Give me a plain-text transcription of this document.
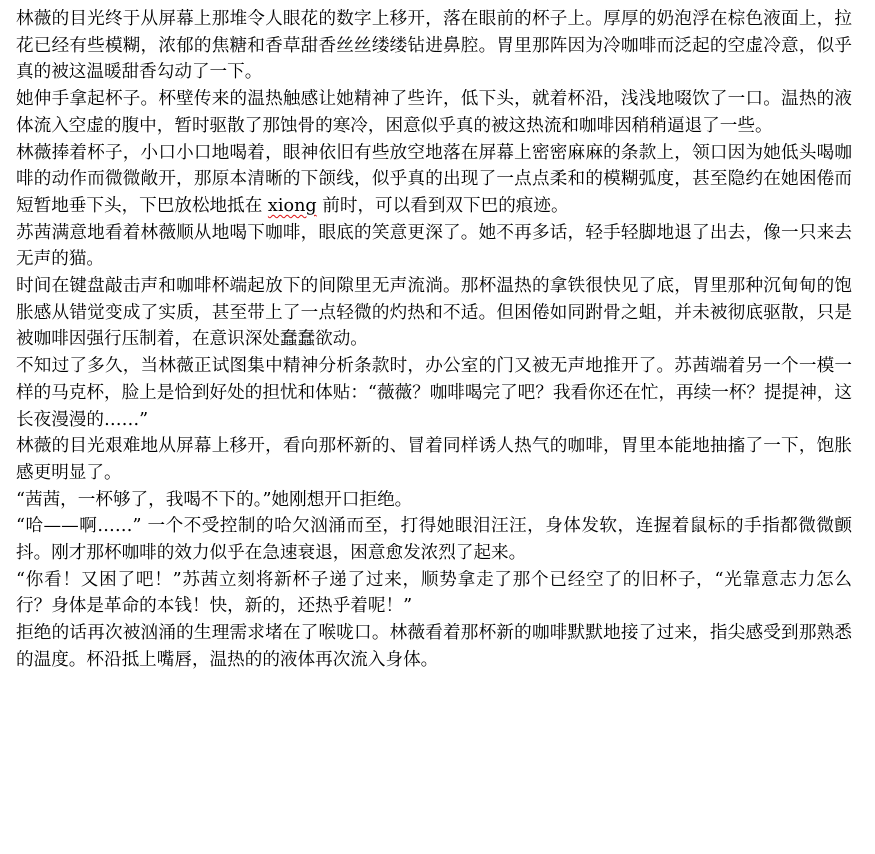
林薇的目光终于从屏幕上那堆令人眼花的数字上移开，落在眼前的杯子上。厚厚的奶泡浮在棕色液面上，拉花已经有些模糊，浓郁的焦糖和香草甜香丝丝缕缕钻进鼻腔。胃里那阵因为冷咖啡而泛起的空虚冷意，似乎真的被这温暖甜香勾动了一下。

她伸手拿起杯子。杯壁传来的温热触感让她精神了些许，低下头，就着杯沿，浅浅地啜饮了一口。温热的液体流入空虚的腹中，暂时驱散了那蚀骨的寒冷，困意似乎真的被这热流和咖啡因稍稍逼退了一些。

林薇捧着杯子，小口小口地喝着，眼神依旧有些放空地落在屏幕上密密麻麻的条款上，领口因为她低头喝咖啡的动作而微微敞开，那原本清晰的下颌线，似乎真的出现了一点点柔和的模糊弧度，甚至隐约在她困倦而短暂地垂下头，下巴放松地抵在 xiong 前时，可以看到双下巴的痕迹。

苏茜满意地看着林薇顺从地喝下咖啡，眼底的笑意更深了。她不再多话，轻手轻脚地退了出去，像一只来去无声的猫。

时间在键盘敲击声和咖啡杯端起放下的间隙里无声流淌。那杯温热的拿铁很快见了底，胃里那种沉甸甸的饱胀感从错觉变成了实质，甚至带上了一点轻微的灼热和不适。但困倦如同跗骨之蛆，并未被彻底驱散，只是被咖啡因强行压制着，在意识深处蠢蠢欲动。

不知过了多久，当林薇正试图集中精神分析条款时，办公室的门又被无声地推开了。苏茜端着另一个一模一样的马克杯，脸上是恰到好处的担忧和体贴：“薇薇？咖啡喝完了吧？我看你还在忙，再续一杯？提提神，这长夜漫漫的……”

林薇的目光艰难地从屏幕上移开，看向那杯新的、冒着同样诱人热气的咖啡，胃里本能地抽搐了一下，饱胀感更明显了。

“茜茜，一杯够了，我喝不下的。”她刚想开口拒绝。

“哈——啊……” 一个不受控制的哈欠汹涌而至，打得她眼泪汪汪，身体发软，连握着鼠标的手指都微微颤抖。刚才那杯咖啡的效力似乎在急速衰退，困意愈发浓烈了起来。

“你看！又困了吧！”苏茜立刻将新杯子递了过来，顺势拿走了那个已经空了的旧杯子，“光靠意志力怎么行？身体是革命的本钱！快，新的，还热乎着呢！”

拒绝的话再次被汹涌的生理需求堵在了喉咙口。林薇看着那杯新的咖啡默默地接了过来，指尖感受到那熟悉的温度。杯沿抵上嘴唇，温热的的液体再次流入身体。
